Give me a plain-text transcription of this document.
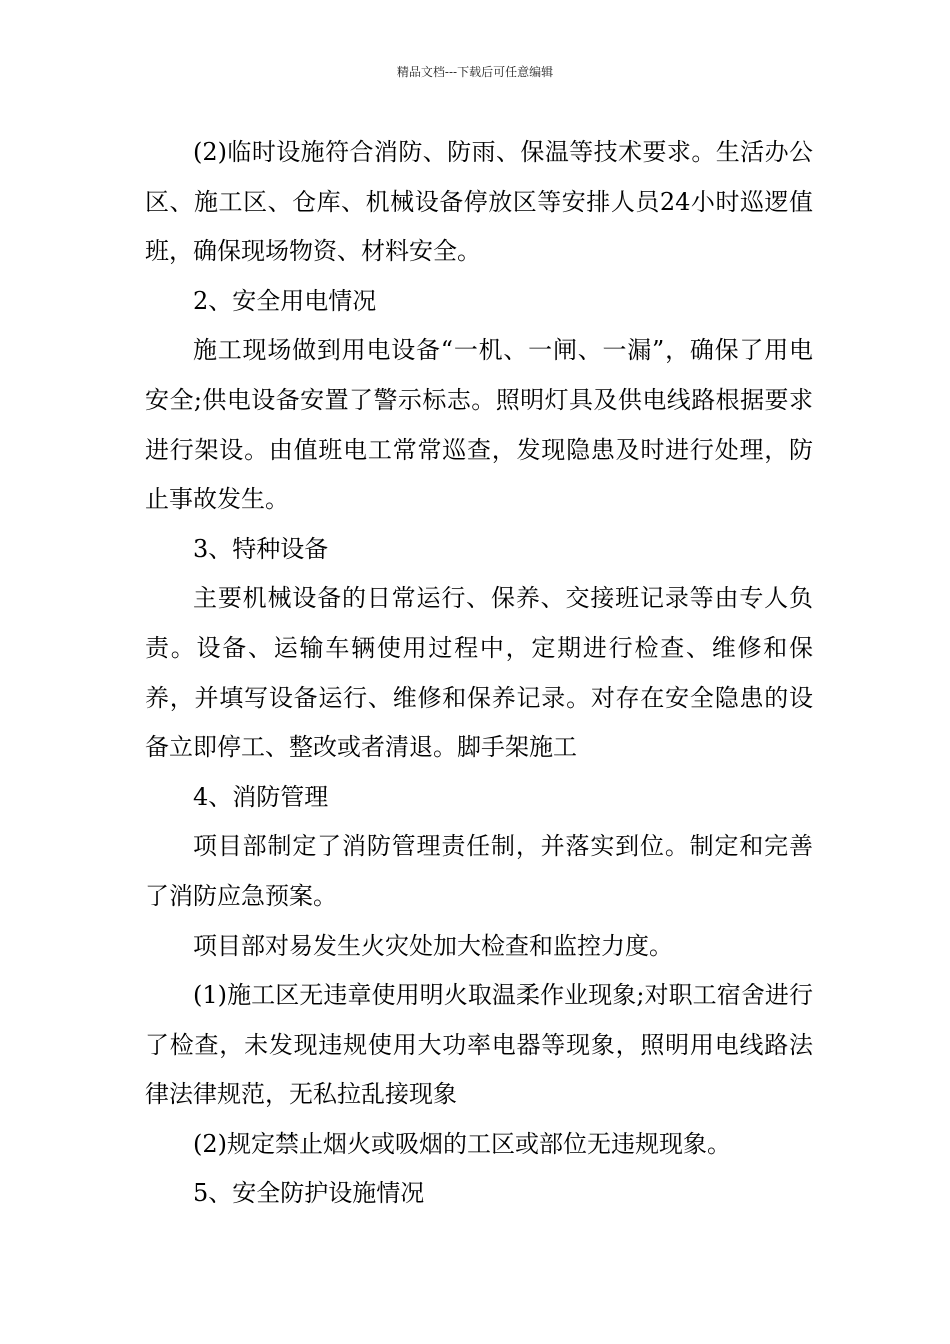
精品文档---下载后可任意编辑

(2)临时设施符合消防、防雨、保温等技术要求。生活办公区、施工区、仓库、机械设备停放区等安排人员24小时巡逻值班，确保现场物资、材料安全。

2、安全用电情况

施工现场做到用电设备“一机、一闸、一漏”，确保了用电安全;供电设备安置了警示标志。照明灯具及供电线路根据要求进行架设。由值班电工常常巡查，发现隐患及时进行处理，防止事故发生。

3、特种设备

主要机械设备的日常运行、保养、交接班记录等由专人负责。设备、运输车辆使用过程中，定期进行检查、维修和保养，并填写设备运行、维修和保养记录。对存在安全隐患的设备立即停工、整改或者清退。脚手架施工

4、消防管理

项目部制定了消防管理责任制，并落实到位。制定和完善了消防应急预案。

项目部对易发生火灾处加大检查和监控力度。

(1)施工区无违章使用明火取温柔作业现象;对职工宿舍进行了检查，未发现违规使用大功率电器等现象，照明用电线路法律法律规范，无私拉乱接现象

(2)规定禁止烟火或吸烟的工区或部位无违规现象。

5、安全防护设施情况
